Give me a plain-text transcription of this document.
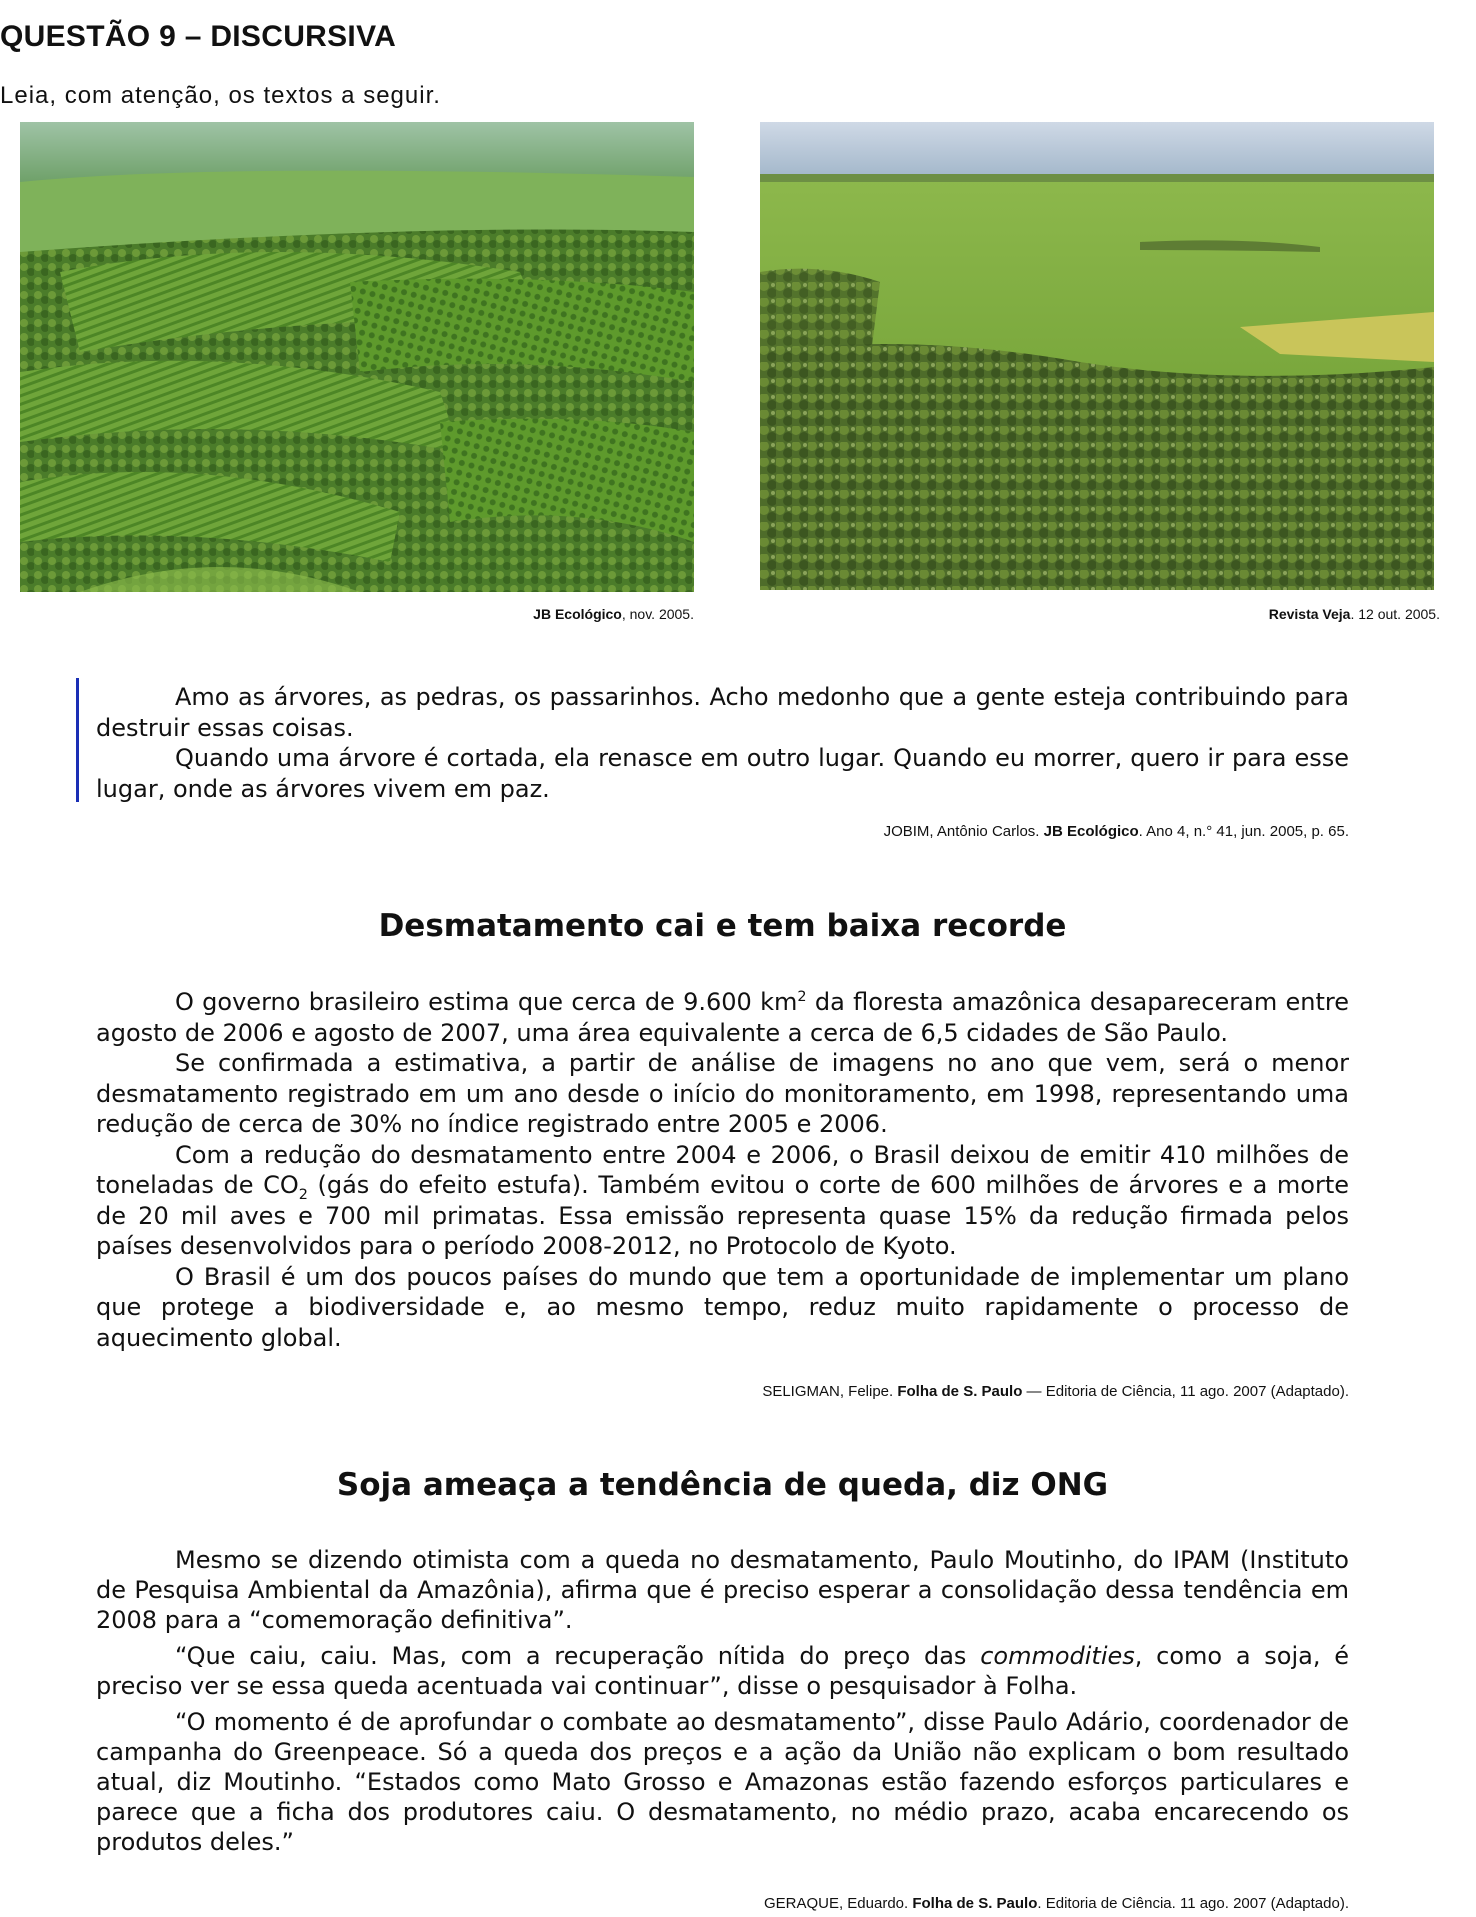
QUESTÃO 9 – DISCURSIVA
Leia, com atenção, os textos a seguir.
JB Ecológico, nov. 2005.	Revista Veja. 12 out. 2005.

Amo as árvores, as pedras, os passarinhos. Acho medonho que a gente esteja contribuindo para destruir essas coisas.

Quando uma árvore é cortada, ela renasce em outro lugar. Quando eu morrer, quero ir para esse lugar, onde as árvores vivem em paz.

JOBIM, Antônio Carlos. JB Ecológico. Ano 4, n.° 41, jun. 2005, p. 65.
Desmatamento cai e tem baixa recorde

O governo brasileiro estima que cerca de 9.600 $km^2$ da floresta amazônica desapareceram entre agosto de 2006 e agosto de 2007, uma área equivalente a cerca de 6,5 cidades de São Paulo.

Se confirmada a estimativa, a partir de análise de imagens no ano que vem, será o menor desmatamento registrado em um ano desde o início do monitoramento, em 1998, representando uma redução de cerca de 30% no índice registrado entre 2005 e 2006.

Com a redução do desmatamento entre 2004 e 2006, o Brasil deixou de emitir 410 milhões de toneladas de $CO_2$ (gás do efeito estufa). Também evitou o corte de 600 milhões de árvores e a morte de 20 mil aves e 700 mil primatas. Essa emissão representa quase 15% da redução firmada pelos países desenvolvidos para o período 2008-2012, no Protocolo de Kyoto.

O Brasil é um dos poucos países do mundo que tem a oportunidade de implementar um plano que protege a biodiversidade e, ao mesmo tempo, reduz muito rapidamente o processo de aquecimento global.

SELIGMAN, Felipe. Folha de S. Paulo — Editoria de Ciência, 11 ago. 2007 (Adaptado).
Soja ameaça a tendência de queda, diz ONG

Mesmo se dizendo otimista com a queda no desmatamento, Paulo Moutinho, do IPAM (Instituto de Pesquisa Ambiental da Amazônia), afirma que é preciso esperar a consolidação dessa tendência em 2008 para a “comemoração definitiva”.

“Que caiu, caiu. Mas, com a recuperação nítida do preço das commodities, como a soja, é preciso ver se essa queda acentuada vai continuar”, disse o pesquisador à Folha.

“O momento é de aprofundar o combate ao desmatamento”, disse Paulo Adário, coordenador de campanha do Greenpeace. Só a queda dos preços e a ação da União não explicam o bom resultado atual, diz Moutinho. “Estados como Mato Grosso e Amazonas estão fazendo esforços particulares e parece que a ficha dos produtores caiu. O desmatamento, no médio prazo, acaba encarecendo os produtos deles.”

GERAQUE, Eduardo. Folha de S. Paulo. Editoria de Ciência. 11 ago. 2007 (Adaptado).
